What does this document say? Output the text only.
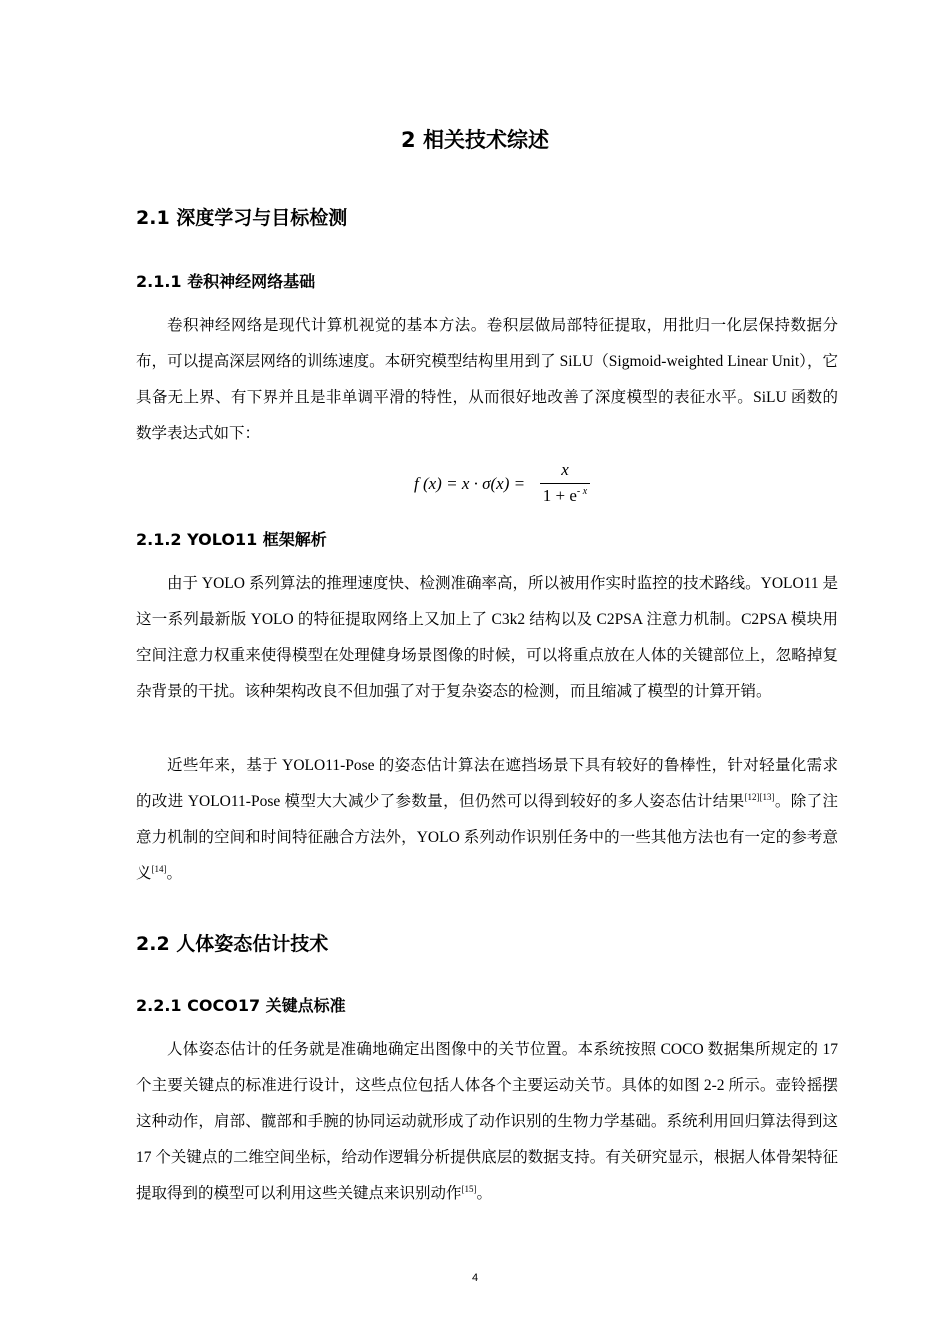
2 相关技术综述
2.1 深度学习与目标检测
2.1.1 卷积神经网络基础

卷积神经网络是现代计算机视觉的基本方法。卷积层做局部特征提取，用批归一化层保持数据分布，可以提高深层网络的训练速度。本研究模型结构里用到了 SiLU（Sigmoid-weighted Linear Unit），它具备无上界、有下界并且是非单调平滑的特性，从而很好地改善了深度模型的表征水平。SiLU 函数的数学表达式如下：

f (x) = x · σ(x) =
x
$1 + e^{- x}$
2.1.2 YOLO11 框架解析

由于 YOLO 系列算法的推理速度快、检测准确率高，所以被用作实时监控的技术路线。YOLO11 是这一系列最新版 YOLO 的特征提取网络上又加上了 C3k2 结构以及 C2PSA 注意力机制。C2PSA 模块用空间注意力权重来使得模型在处理健身场景图像的时候，可以将重点放在人体的关键部位上，忽略掉复杂背景的干扰。该种架构改良不但加强了对于复杂姿态的检测，而且缩减了模型的计算开销。

近些年来，基于 YOLO11-Pose 的姿态估计算法在遮挡场景下具有较好的鲁棒性，针对轻量化需求的改进 YOLO11-Pose 模型大大减少了参数量，但仍然可以得到较好的多人姿态估计结果[12][13]。除了注意力机制的空间和时间特征融合方法外，YOLO 系列动作识别任务中的一些其他方法也有一定的参考意义[14]。

2.2 人体姿态估计技术
2.2.1 COCO17 关键点标准

人体姿态估计的任务就是准确地确定出图像中的关节位置。本系统按照 COCO 数据集所规定的 17 个主要关键点的标准进行设计，这些点位包括人体各个主要运动关节。具体的如图 2-2 所示。壶铃摇摆这种动作，肩部、髋部和手腕的协同运动就形成了动作识别的生物力学基础。系统利用回归算法得到这 17 个关键点的二维空间坐标，给动作逻辑分析提供底层的数据支持。有关研究显示，根据人体骨架特征提取得到的模型可以利用这些关键点来识别动作[15]。

4
